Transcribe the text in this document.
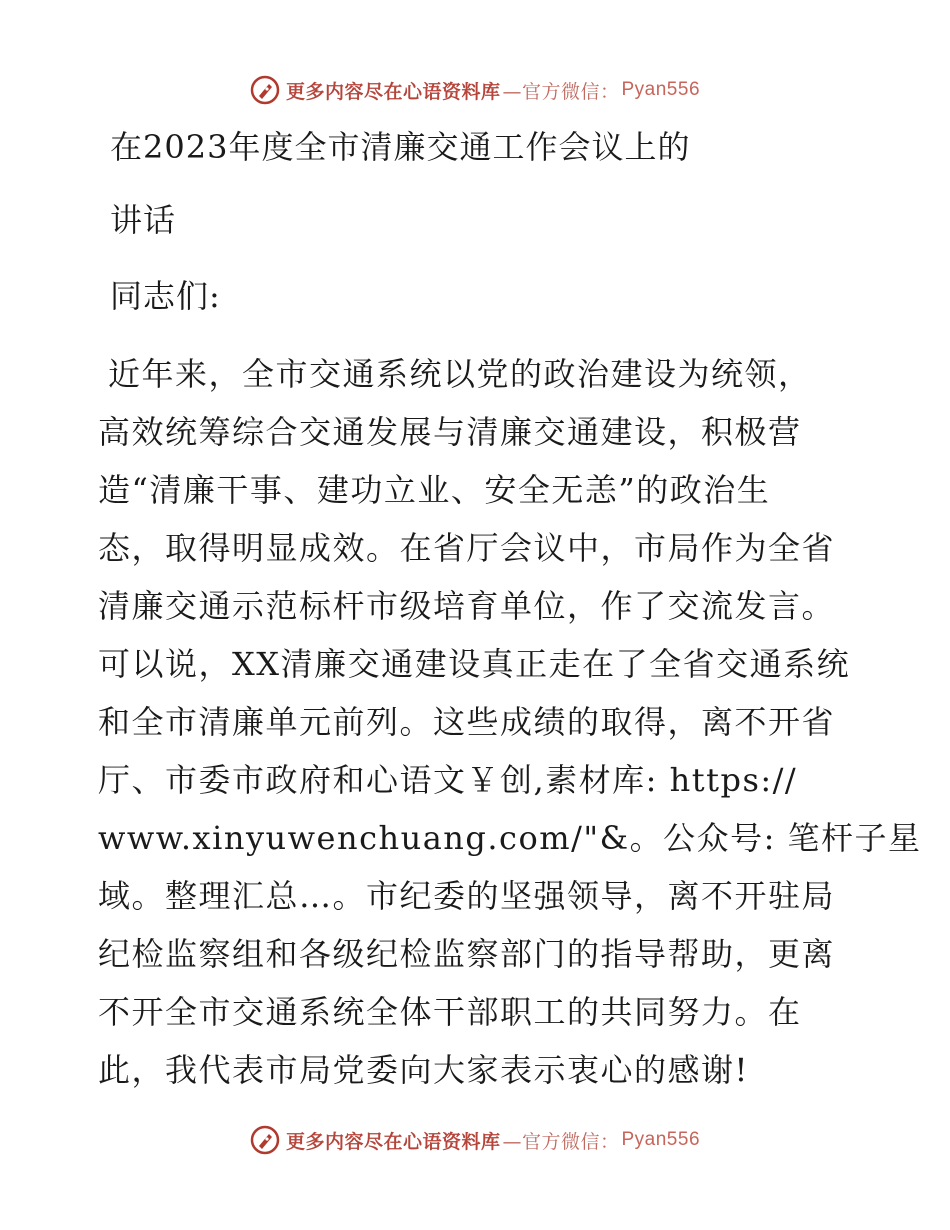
更多内容尽在心语资料库 —官方微信： Pyan556
在2023年度全市清廉交通工作会议上的
讲话
同志们:
近年来，全市交通系统以党的政治建设为统领，
高效统筹综合交通发展与清廉交通建设，积极营
造“清廉干事、建功立业、安全无恙”的政治生
态，取得明显成效。在省厅会议中，市局作为全省
清廉交通示范标杆市级培育单位，作了交流发言。
可以说，XX清廉交通建设真正走在了全省交通系统
和全市清廉单元前列。这些成绩的取得，离不开省
厅、市委市政府和心语文￥创,素材库: https://
www.xinyuwenchuang.com/"&。公众号: 笔杆子星
域。整理汇总…。市纪委的坚强领导，离不开驻局
纪检监察组和各级纪检监察部门的指导帮助，更离
不开全市交通系统全体干部职工的共同努力。在
此，我代表市局党委向大家表示衷心的感谢!
更多内容尽在心语资料库 —官方微信： Pyan556
